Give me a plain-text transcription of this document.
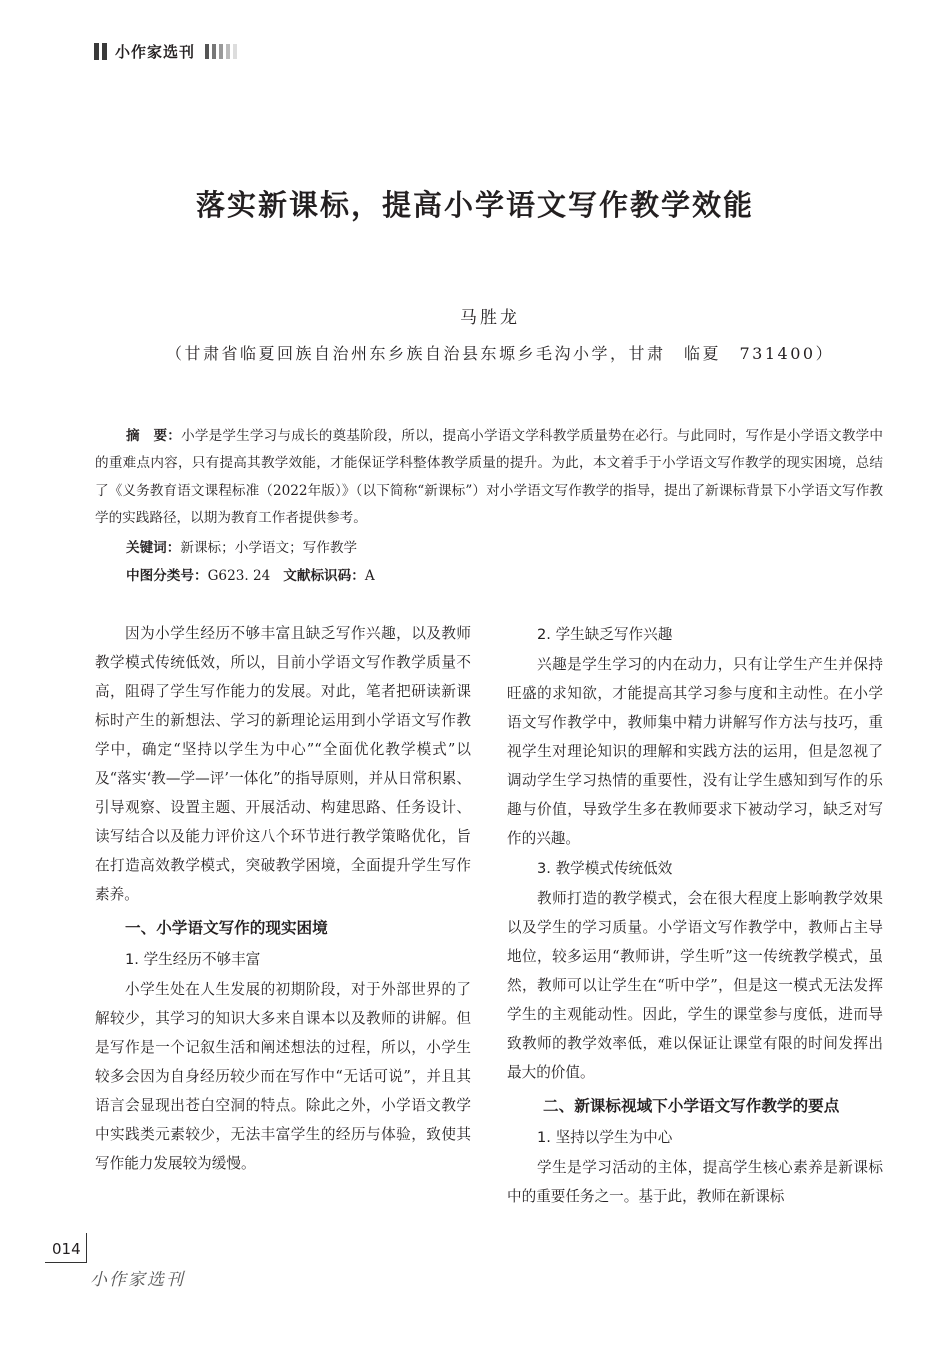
小作家选刊
落实新课标，提高小学语文写作教学效能
马胜龙
（甘肃省临夏回族自治州东乡族自治县东塬乡毛沟小学，甘肃　临夏　731400）
摘　要：小学是学生学习与成长的奠基阶段，所以，提高小学语文学科教学质量势在必行。与此同时，写作是小学语文教学中的重难点内容，只有提高其教学效能，才能保证学科整体教学质量的提升。为此，本文着手于小学语文写作教学的现实困境，总结了《义务教育语文课程标准（2022年版）》（以下简称“新课标”）对小学语文写作教学的指导，提出了新课标背景下小学语文写作教学的实践路径，以期为教育工作者提供参考。
关键词：新课标；小学语文；写作教学
中图分类号：G623. 24 文献标识码：A

因为小学生经历不够丰富且缺乏写作兴趣，以及教师教学模式传统低效，所以，目前小学语文写作教学质量不高，阻碍了学生写作能力的发展。对此，笔者把研读新课标时产生的新想法、学习的新理论运用到小学语文写作教学中，确定“坚持以学生为中心”“全面优化教学模式”以及“落实‘教—学—评’一体化”的指导原则，并从日常积累、引导观察、设置主题、开展活动、构建思路、任务设计、读写结合以及能力评价这八个环节进行教学策略优化，旨在打造高效教学模式，突破教学困境，全面提升学生写作素养。

一、小学语文写作的现实困境
1. 学生经历不够丰富

小学生处在人生发展的初期阶段，对于外部世界的了解较少，其学习的知识大多来自课本以及教师的讲解。但是写作是一个记叙生活和阐述想法的过程，所以，小学生较多会因为自身经历较少而在写作中“无话可说”，并且其语言会显现出苍白空洞的特点。除此之外，小学语文教学中实践类元素较少，无法丰富学生的经历与体验，致使其写作能力发展较为缓慢。

2. 学生缺乏写作兴趣

兴趣是学生学习的内在动力，只有让学生产生并保持旺盛的求知欲，才能提高其学习参与度和主动性。在小学语文写作教学中，教师集中精力讲解写作方法与技巧，重视学生对理论知识的理解和实践方法的运用，但是忽视了调动学生学习热情的重要性，没有让学生感知到写作的乐趣与价值，导致学生多在教师要求下被动学习，缺乏对写作的兴趣。

3. 教学模式传统低效

教师打造的教学模式，会在很大程度上影响教学效果以及学生的学习质量。小学语文写作教学中，教师占主导地位，较多运用“教师讲，学生听”这一传统教学模式，虽然，教师可以让学生在“听中学”，但是这一模式无法发挥学生的主观能动性。因此，学生的课堂参与度低，进而导致教师的教学效率低，难以保证让课堂有限的时间发挥出最大的价值。

二、新课标视域下小学语文写作教学的要点
1. 坚持以学生为中心

学生是学习活动的主体，提高学生核心素养是新课标中的重要任务之一。基于此，教师在新课标

014
小作家选刊
